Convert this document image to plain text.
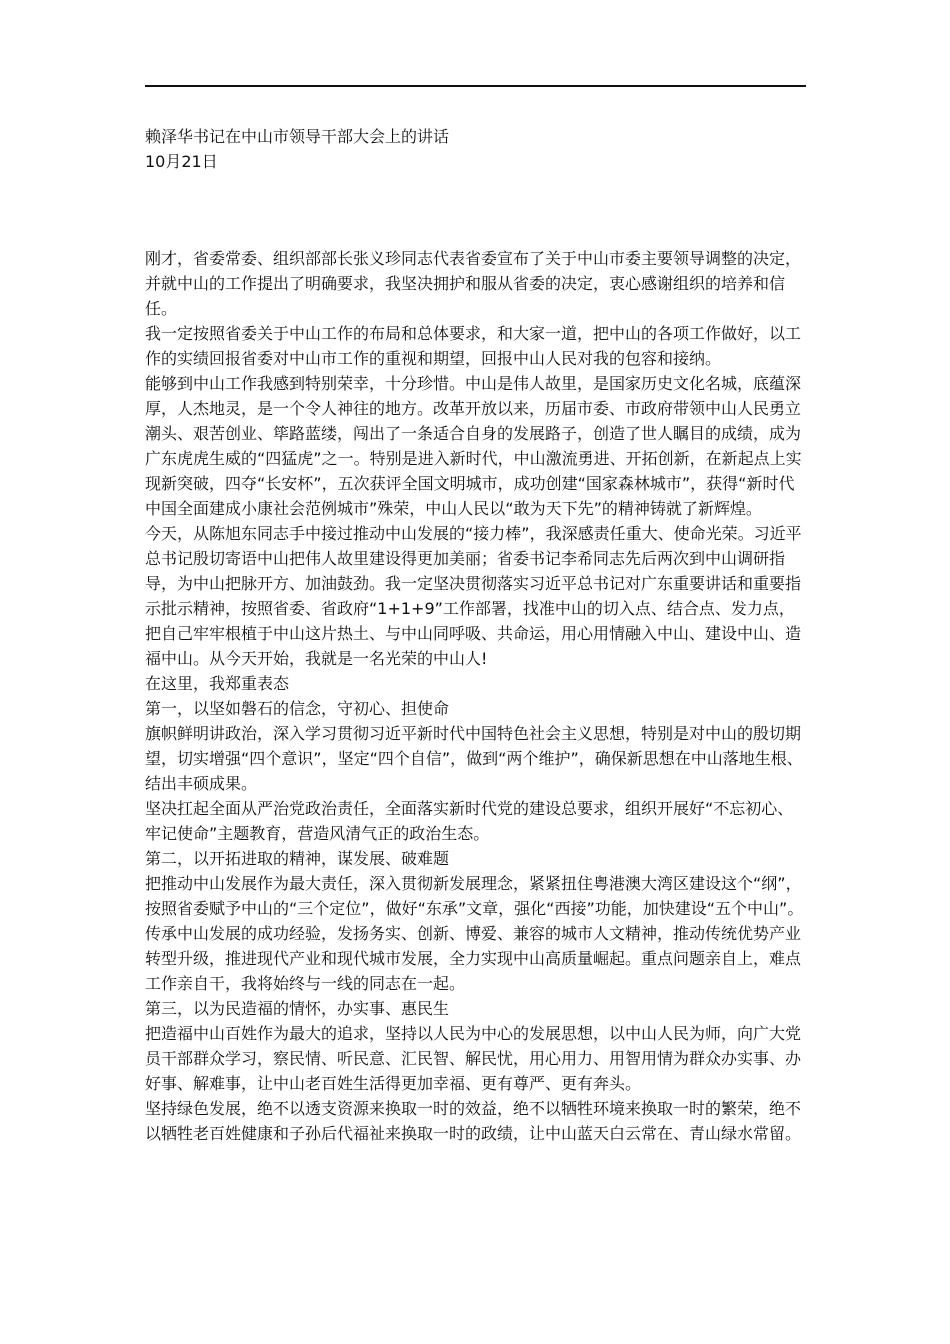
赖泽华书记在中山市领导干部大会上的讲话
10月21日

刚才，省委常委、组织部部长张义珍同志代表省委宣布了关于中山市委主要领导调整的决定，并就中山的工作提出了明确要求，我坚决拥护和服从省委的决定，衷心感谢组织的培养和信任。

我一定按照省委关于中山工作的布局和总体要求，和大家一道，把中山的各项工作做好，以工作的实绩回报省委对中山市工作的重视和期望，回报中山人民对我的包容和接纳。

能够到中山工作我感到特别荣幸，十分珍惜。中山是伟人故里，是国家历史文化名城，底蕴深厚，人杰地灵，是一个令人神往的地方。改革开放以来，历届市委、市政府带领中山人民勇立潮头、艰苦创业、筚路蓝缕，闯出了一条适合自身的发展路子，创造了世人瞩目的成绩，成为广东虎虎生威的“四猛虎”之一。特别是进入新时代，中山激流勇进、开拓创新，在新起点上实现新突破，四夺“长安杯”，五次获评全国文明城市，成功创建“国家森林城市”，获得“新时代中国全面建成小康社会范例城市”殊荣，中山人民以“敢为天下先”的精神铸就了新辉煌。

今天，从陈旭东同志手中接过推动中山发展的“接力棒”，我深感责任重大、使命光荣。习近平总书记殷切寄语中山把伟人故里建设得更加美丽；省委书记李希同志先后两次到中山调研指导，为中山把脉开方、加油鼓劲。我一定坚决贯彻落实习近平总书记对广东重要讲话和重要指示批示精神，按照省委、省政府“1+1+9”工作部署，找准中山的切入点、结合点、发力点，把自己牢牢根植于中山这片热土、与中山同呼吸、共命运，用心用情融入中山、建设中山、造福中山。从今天开始，我就是一名光荣的中山人!

在这里，我郑重表态

第一，以坚如磐石的信念，守初心、担使命

旗帜鲜明讲政治，深入学习贯彻习近平新时代中国特色社会主义思想，特别是对中山的殷切期望，切实增强“四个意识”，坚定“四个自信”，做到“两个维护”，确保新思想在中山落地生根、结出丰硕成果。

坚决扛起全面从严治党政治责任，全面落实新时代党的建设总要求，组织开展好“不忘初心、牢记使命”主题教育，营造风清气正的政治生态。

第二，以开拓进取的精神，谋发展、破难题

把推动中山发展作为最大责任，深入贯彻新发展理念，紧紧扭住粤港澳大湾区建设这个“纲”，按照省委赋予中山的“三个定位”，做好“东承”文章，强化“西接”功能，加快建设“五个中山”。

传承中山发展的成功经验，发扬务实、创新、博爱、兼容的城市人文精神，推动传统优势产业转型升级，推进现代产业和现代城市发展，全力实现中山高质量崛起。重点问题亲自上，难点工作亲自干，我将始终与一线的同志在一起。

第三，以为民造福的情怀，办实事、惠民生

把造福中山百姓作为最大的追求，坚持以人民为中心的发展思想，以中山人民为师，向广大党员干部群众学习，察民情、听民意、汇民智、解民忧，用心用力、用智用情为群众办实事、办好事、解难事，让中山老百姓生活得更加幸福、更有尊严、更有奔头。

坚持绿色发展，绝不以透支资源来换取一时的效益，绝不以牺牲环境来换取一时的繁荣，绝不以牺牲老百姓健康和子孙后代福祉来换取一时的政绩，让中山蓝天白云常在、青山绿水常留。
